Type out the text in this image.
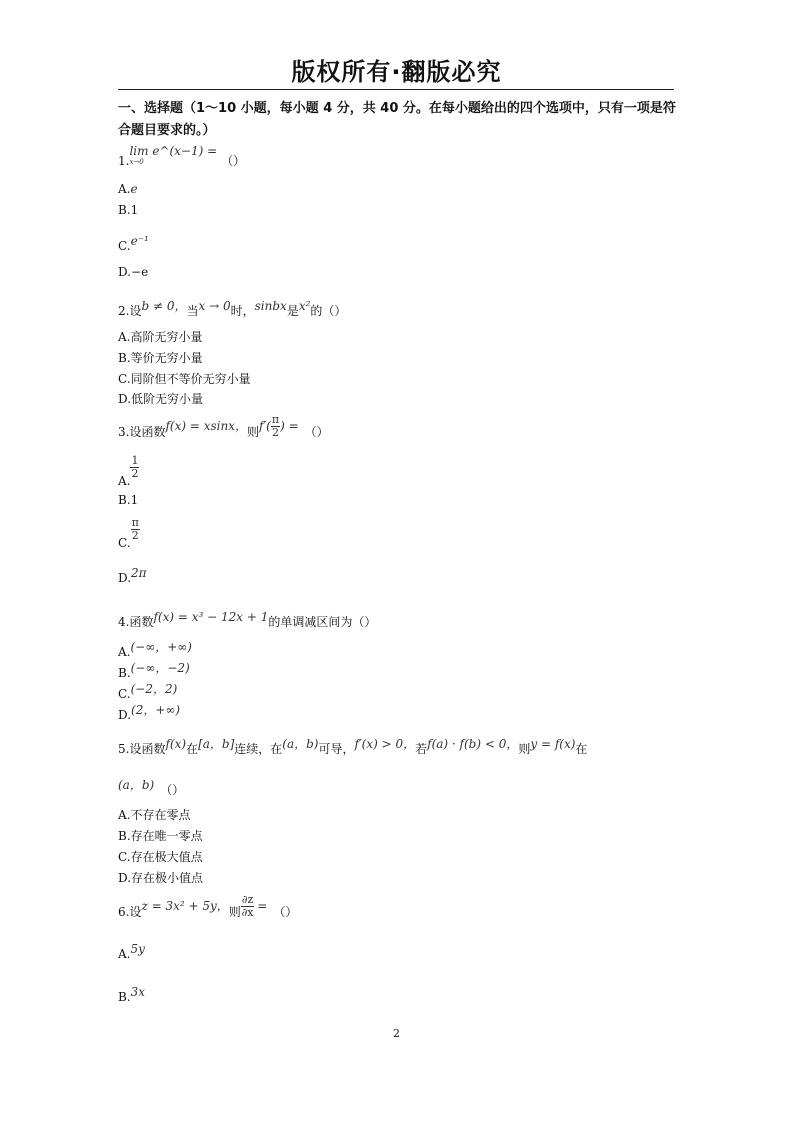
版权所有·翻版必究
一、选择题（1～10 小题，每小题 4 分，共 40 分。在每小题给出的四个选项中，只有一项是符合题目要求的。）
1.
lim e^(x−1) =
x→0	（）
A.e
B.1
C.e⁻¹
D.−e
2.设b ≠ 0，当x → 0时，sinbx是x²的（）
A.高阶无穷小量
B.等价无穷小量
C.同阶但不等价无穷小量
D.低阶无穷小量
3.设函数f(x) = xsinx，则$f'( \frac{\pi}{2}$ ) = （）
A.
$\frac{1}{2}$
B.1
C.
$\frac{\pi}{2}$
D.2π
4.函数f(x) = x³ − 12x + 1的单调减区间为（）
A.(−∞，+∞)
B.(−∞，−2)
C.(−2，2)
D.(2，+∞)
5.设函数f(x)在[a，b]连续，在(a，b)可导，f′(x) > 0，若f(a) · f(b) < 0，则y = f(x)在
(a，b) （）
A.不存在零点
B.存在唯一零点
C.存在极大值点
D.存在极小值点
6.设z = 3x² + 5y，则 $\frac{\partial z}{\partial x}$ = （）
A.5y
B.3x
2
